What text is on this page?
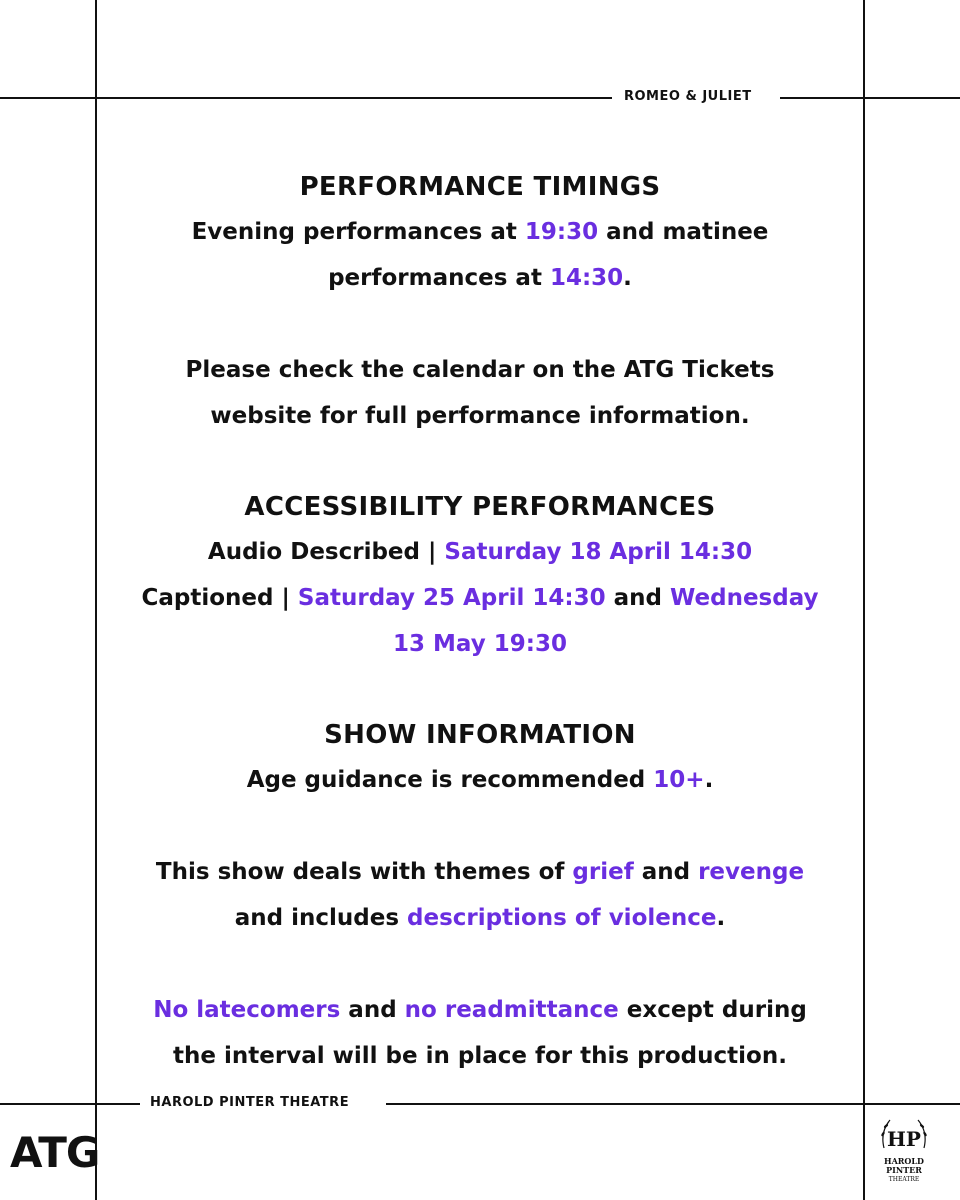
ROMEO & JULIET
HAROLD PINTER THEATRE
PERFORMANCE TIMINGS

Evening performances at 19:30 and matinee

performances at 14:30.

Please check the calendar on the ATG Tickets

website for full performance information.

ACCESSIBILITY PERFORMANCES

Audio Described | Saturday 18 April 14:30

Captioned | Saturday 25 April 14:30 and Wednesday

13 May 19:30

SHOW INFORMATION

Age guidance is recommended 10+.

This show deals with themes of grief and revenge

and includes descriptions of violence.

No latecomers and no readmittance except during

the interval will be in place for this production.

ATG	HP
HAROLD
PINTER
THEATRE
